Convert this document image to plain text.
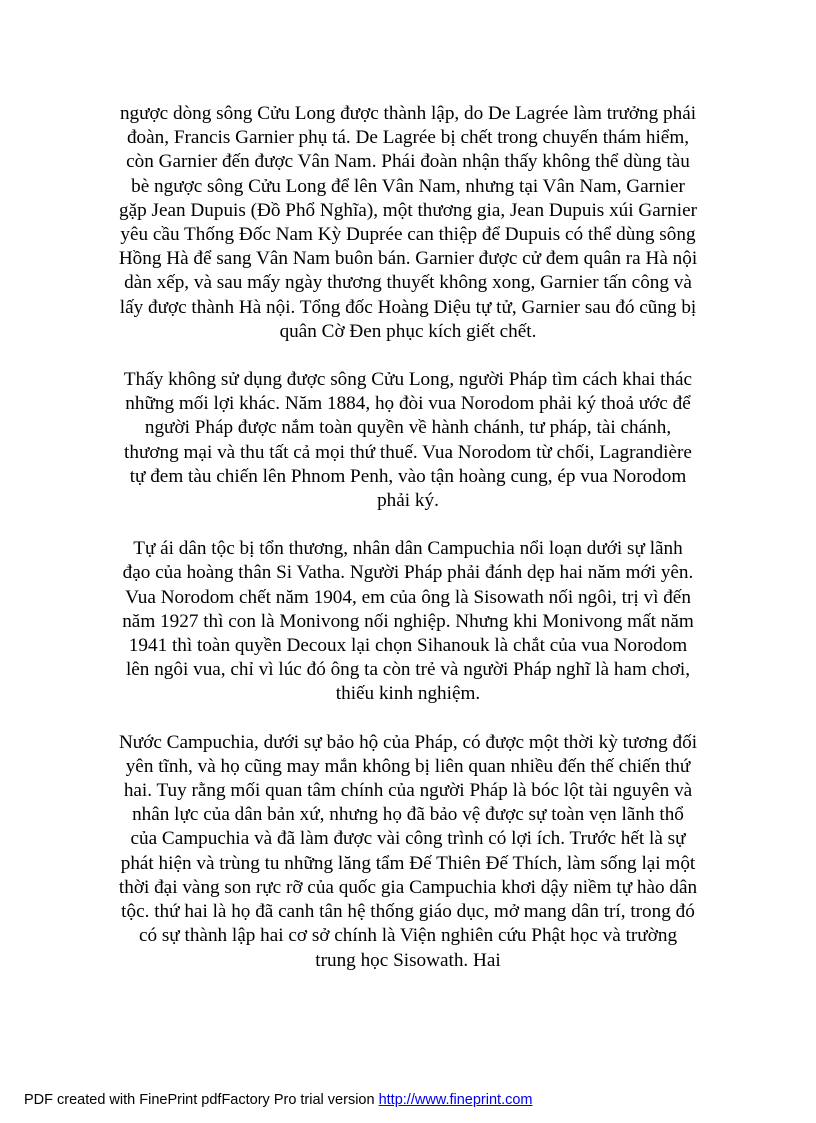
ngược dòng sông Cửu Long được thành lập, do De Lagrée làm trưởng phái đoàn, Francis Garnier phụ tá. De Lagrée bị chết trong chuyến thám hiểm, còn Garnier đến được Vân Nam. Phái đoàn nhận thấy không thể dùng tàu bè ngược sông Cửu Long để lên Vân Nam, nhưng tại Vân Nam, Garnier gặp Jean Dupuis (Đồ Phổ Nghĩa), một thương gia, Jean Dupuis xúi Garnier yêu cầu Thống Đốc Nam Kỳ Duprée can thiệp để Dupuis có thể dùng sông Hồng Hà để sang Vân Nam buôn bán. Garnier được cử đem quân ra Hà nội dàn xếp, và sau mấy ngày thương thuyết không xong, Garnier tấn công và lấy được thành Hà nội. Tổng đốc Hoàng Diệu tự tử, Garnier sau đó cũng bị quân Cờ Đen phục kích giết chết.

Thấy không sử dụng được sông Cửu Long, người Pháp tìm cách khai thác những mối lợi khác. Năm 1884, họ đòi vua Norodom phải ký thoả ước để người Pháp được nắm toàn quyền về hành chánh, tư pháp, tài chánh, thương mại và thu tất cả mọi thứ thuế. Vua Norodom từ chối, Lagrandière tự đem tàu chiến lên Phnom Penh, vào tận hoàng cung, ép vua Norodom phải ký.

Tự ái dân tộc bị tổn thương, nhân dân Campuchia nổi loạn dưới sự lãnh đạo của hoàng thân Si Vatha. Người Pháp phải đánh dẹp hai năm mới yên. Vua Norodom chết năm 1904, em của ông là Sisowath nối ngôi, trị vì đến năm 1927 thì con là Monivong nối nghiệp. Nhưng khi Monivong mất năm 1941 thì toàn quyền Decoux lại chọn Sihanouk là chắt của vua Norodom lên ngôi vua, chỉ vì lúc đó ông ta còn trẻ và người Pháp nghĩ là ham chơi, thiếu kinh nghiệm.

Nước Campuchia, dưới sự bảo hộ của Pháp, có được một thời kỳ tương đối yên tĩnh, và họ cũng may mắn không bị liên quan nhiều đến thế chiến thứ hai. Tuy rằng mối quan tâm chính của người Pháp là bóc lột tài nguyên và nhân lực của dân bản xứ, nhưng họ đã bảo vệ được sự toàn vẹn lãnh thổ của Campuchia và đã làm được vài công trình có lợi ích. Trước hết là sự phát hiện và trùng tu những lăng tẩm Đế Thiên Đế Thích, làm sống lại một thời đại vàng son rực rỡ của quốc gia Campuchia khơi dậy niềm tự hào dân tộc. thứ hai là họ đã canh tân hệ thống giáo dục, mở mang dân trí, trong đó có sự thành lập hai cơ sở chính là Viện nghiên cứu Phật học và trường trung học Sisowath. Hai

PDF created with FinePrint pdfFactory Pro trial version http://www.fineprint.com
